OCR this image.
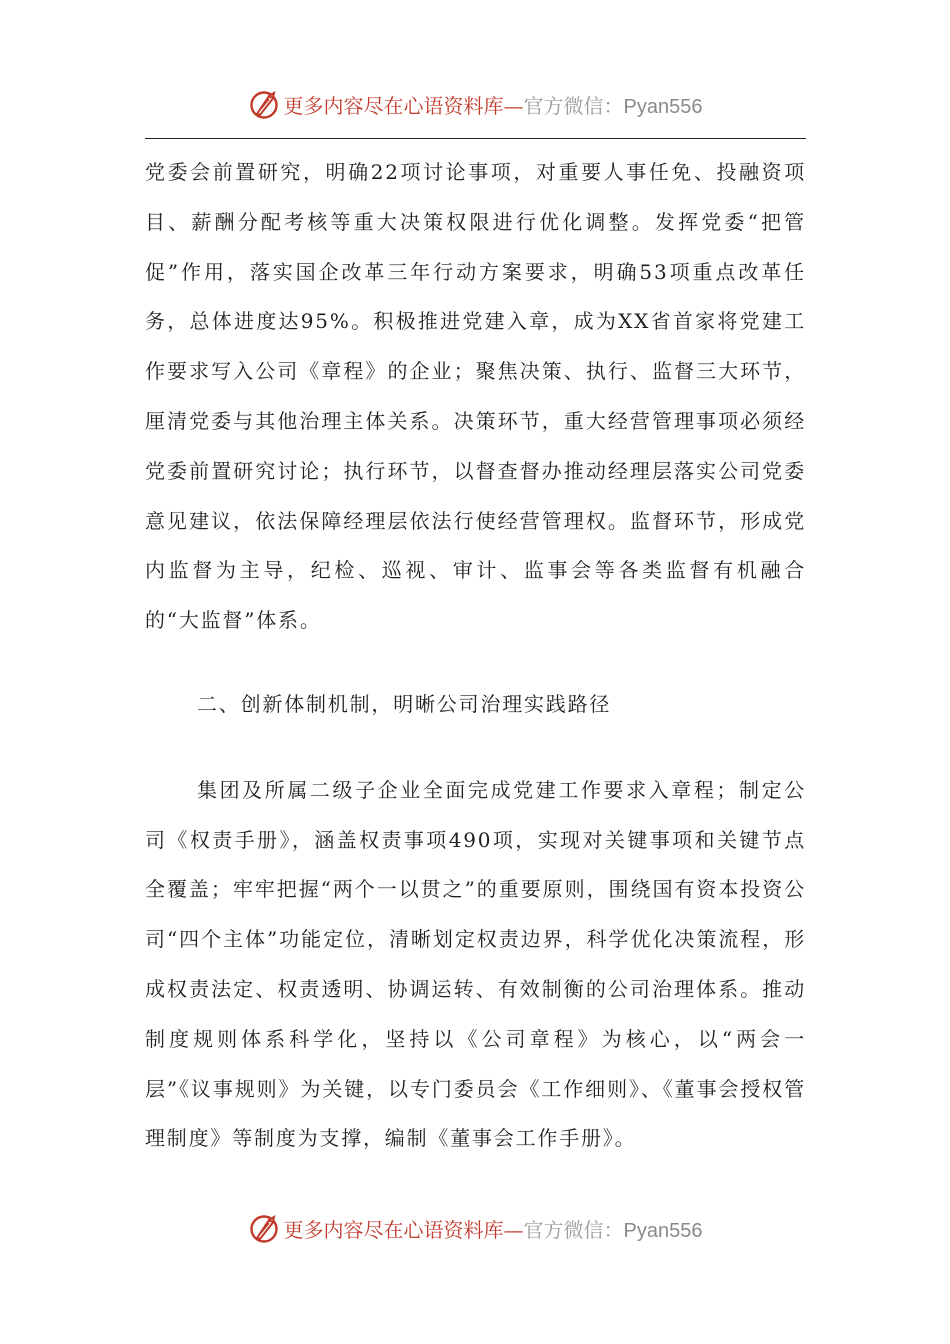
更多内容尽在心语资料库—官方微信：Pyan556

党委会前置研究，明确22项讨论事项，对重要人事任免、投融资项目、薪酬分配考核等重大决策权限进行优化调整。发挥党委“把管促”作用，落实国企改革三年行动方案要求，明确53项重点改革任务，总体进度达95%。积极推进党建入章，成为XX省首家将党建工作要求写入公司《章程》的企业；聚焦决策、执行、监督三大环节，厘清党委与其他治理主体关系。决策环节，重大经营管理事项必须经党委前置研究讨论；执行环节，以督查督办推动经理层落实公司党委意见建议，依法保障经理层依法行使经营管理权。监督环节，形成党内监督为主导，纪检、巡视、审计、监事会等各类监督有机融合的“大监督”体系。

二、创新体制机制，明晰公司治理实践路径

集团及所属二级子企业全面完成党建工作要求入章程；制定公司《权责手册》，涵盖权责事项490项，实现对关键事项和关键节点全覆盖；牢牢把握“两个一以贯之”的重要原则，围绕国有资本投资公司“四个主体”功能定位，清晰划定权责边界，科学优化决策流程，形成权责法定、权责透明、协调运转、有效制衡的公司治理体系。推动制度规则体系科学化，坚持以《公司章程》为核心，以“两会一层”《议事规则》为关键，以专门委员会《工作细则》、《董事会授权管理制度》等制度为支撑，编制《董事会工作手册》。

更多内容尽在心语资料库—官方微信：Pyan556
